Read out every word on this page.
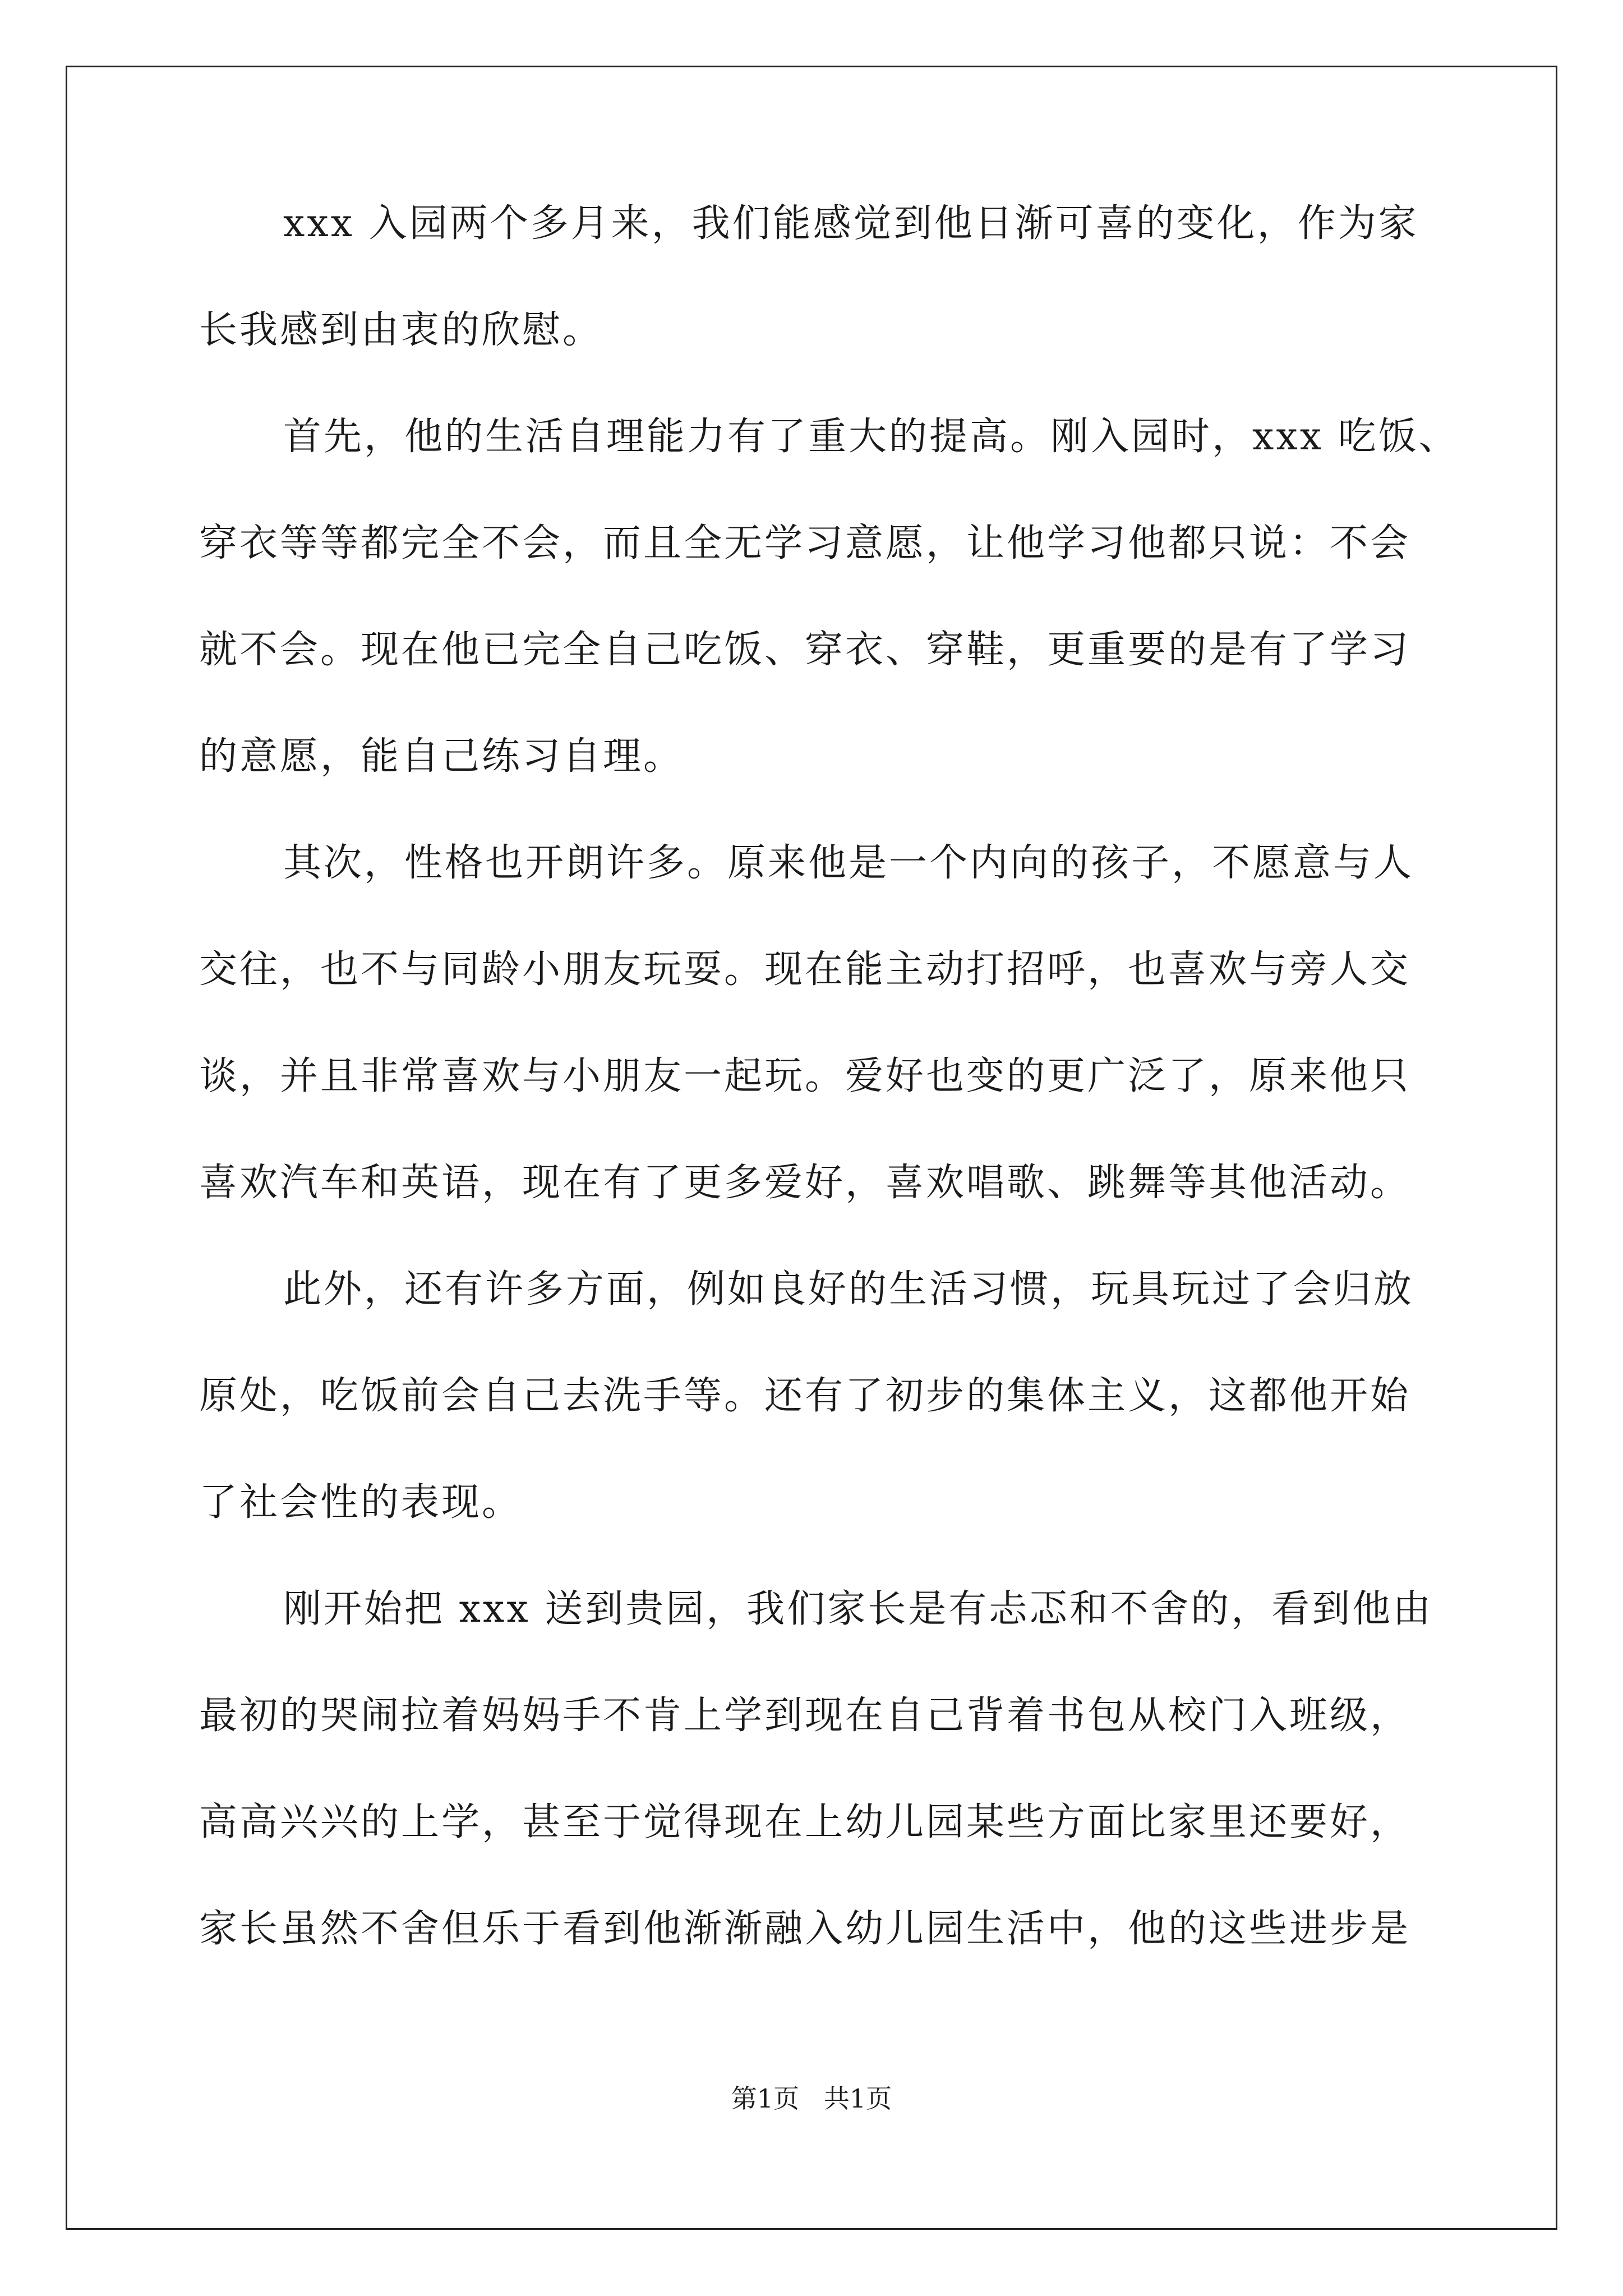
xxx 入园两个多月来，我们能感觉到他日渐可喜的变化，作为家
长我感到由衷的欣慰。
首先，他的生活自理能力有了重大的提高。刚入园时，xxx 吃饭、
穿衣等等都完全不会，而且全无学习意愿，让他学习他都只说：不会
就不会。现在他已完全自己吃饭、穿衣、穿鞋，更重要的是有了学习
的意愿，能自己练习自理。
其次，性格也开朗许多。原来他是一个内向的孩子，不愿意与人
交往，也不与同龄小朋友玩耍。现在能主动打招呼，也喜欢与旁人交
谈，并且非常喜欢与小朋友一起玩。爱好也变的更广泛了，原来他只
喜欢汽车和英语，现在有了更多爱好，喜欢唱歌、跳舞等其他活动。
此外，还有许多方面，例如良好的生活习惯，玩具玩过了会归放
原处，吃饭前会自己去洗手等。还有了初步的集体主义，这都他开始
了社会性的表现。
刚开始把 xxx 送到贵园，我们家长是有忐忑和不舍的，看到他由
最初的哭闹拉着妈妈手不肯上学到现在自己背着书包从校门入班级，
高高兴兴的上学，甚至于觉得现在上幼儿园某些方面比家里还要好，
家长虽然不舍但乐于看到他渐渐融入幼儿园生活中，他的这些进步是
第1页   共1页
